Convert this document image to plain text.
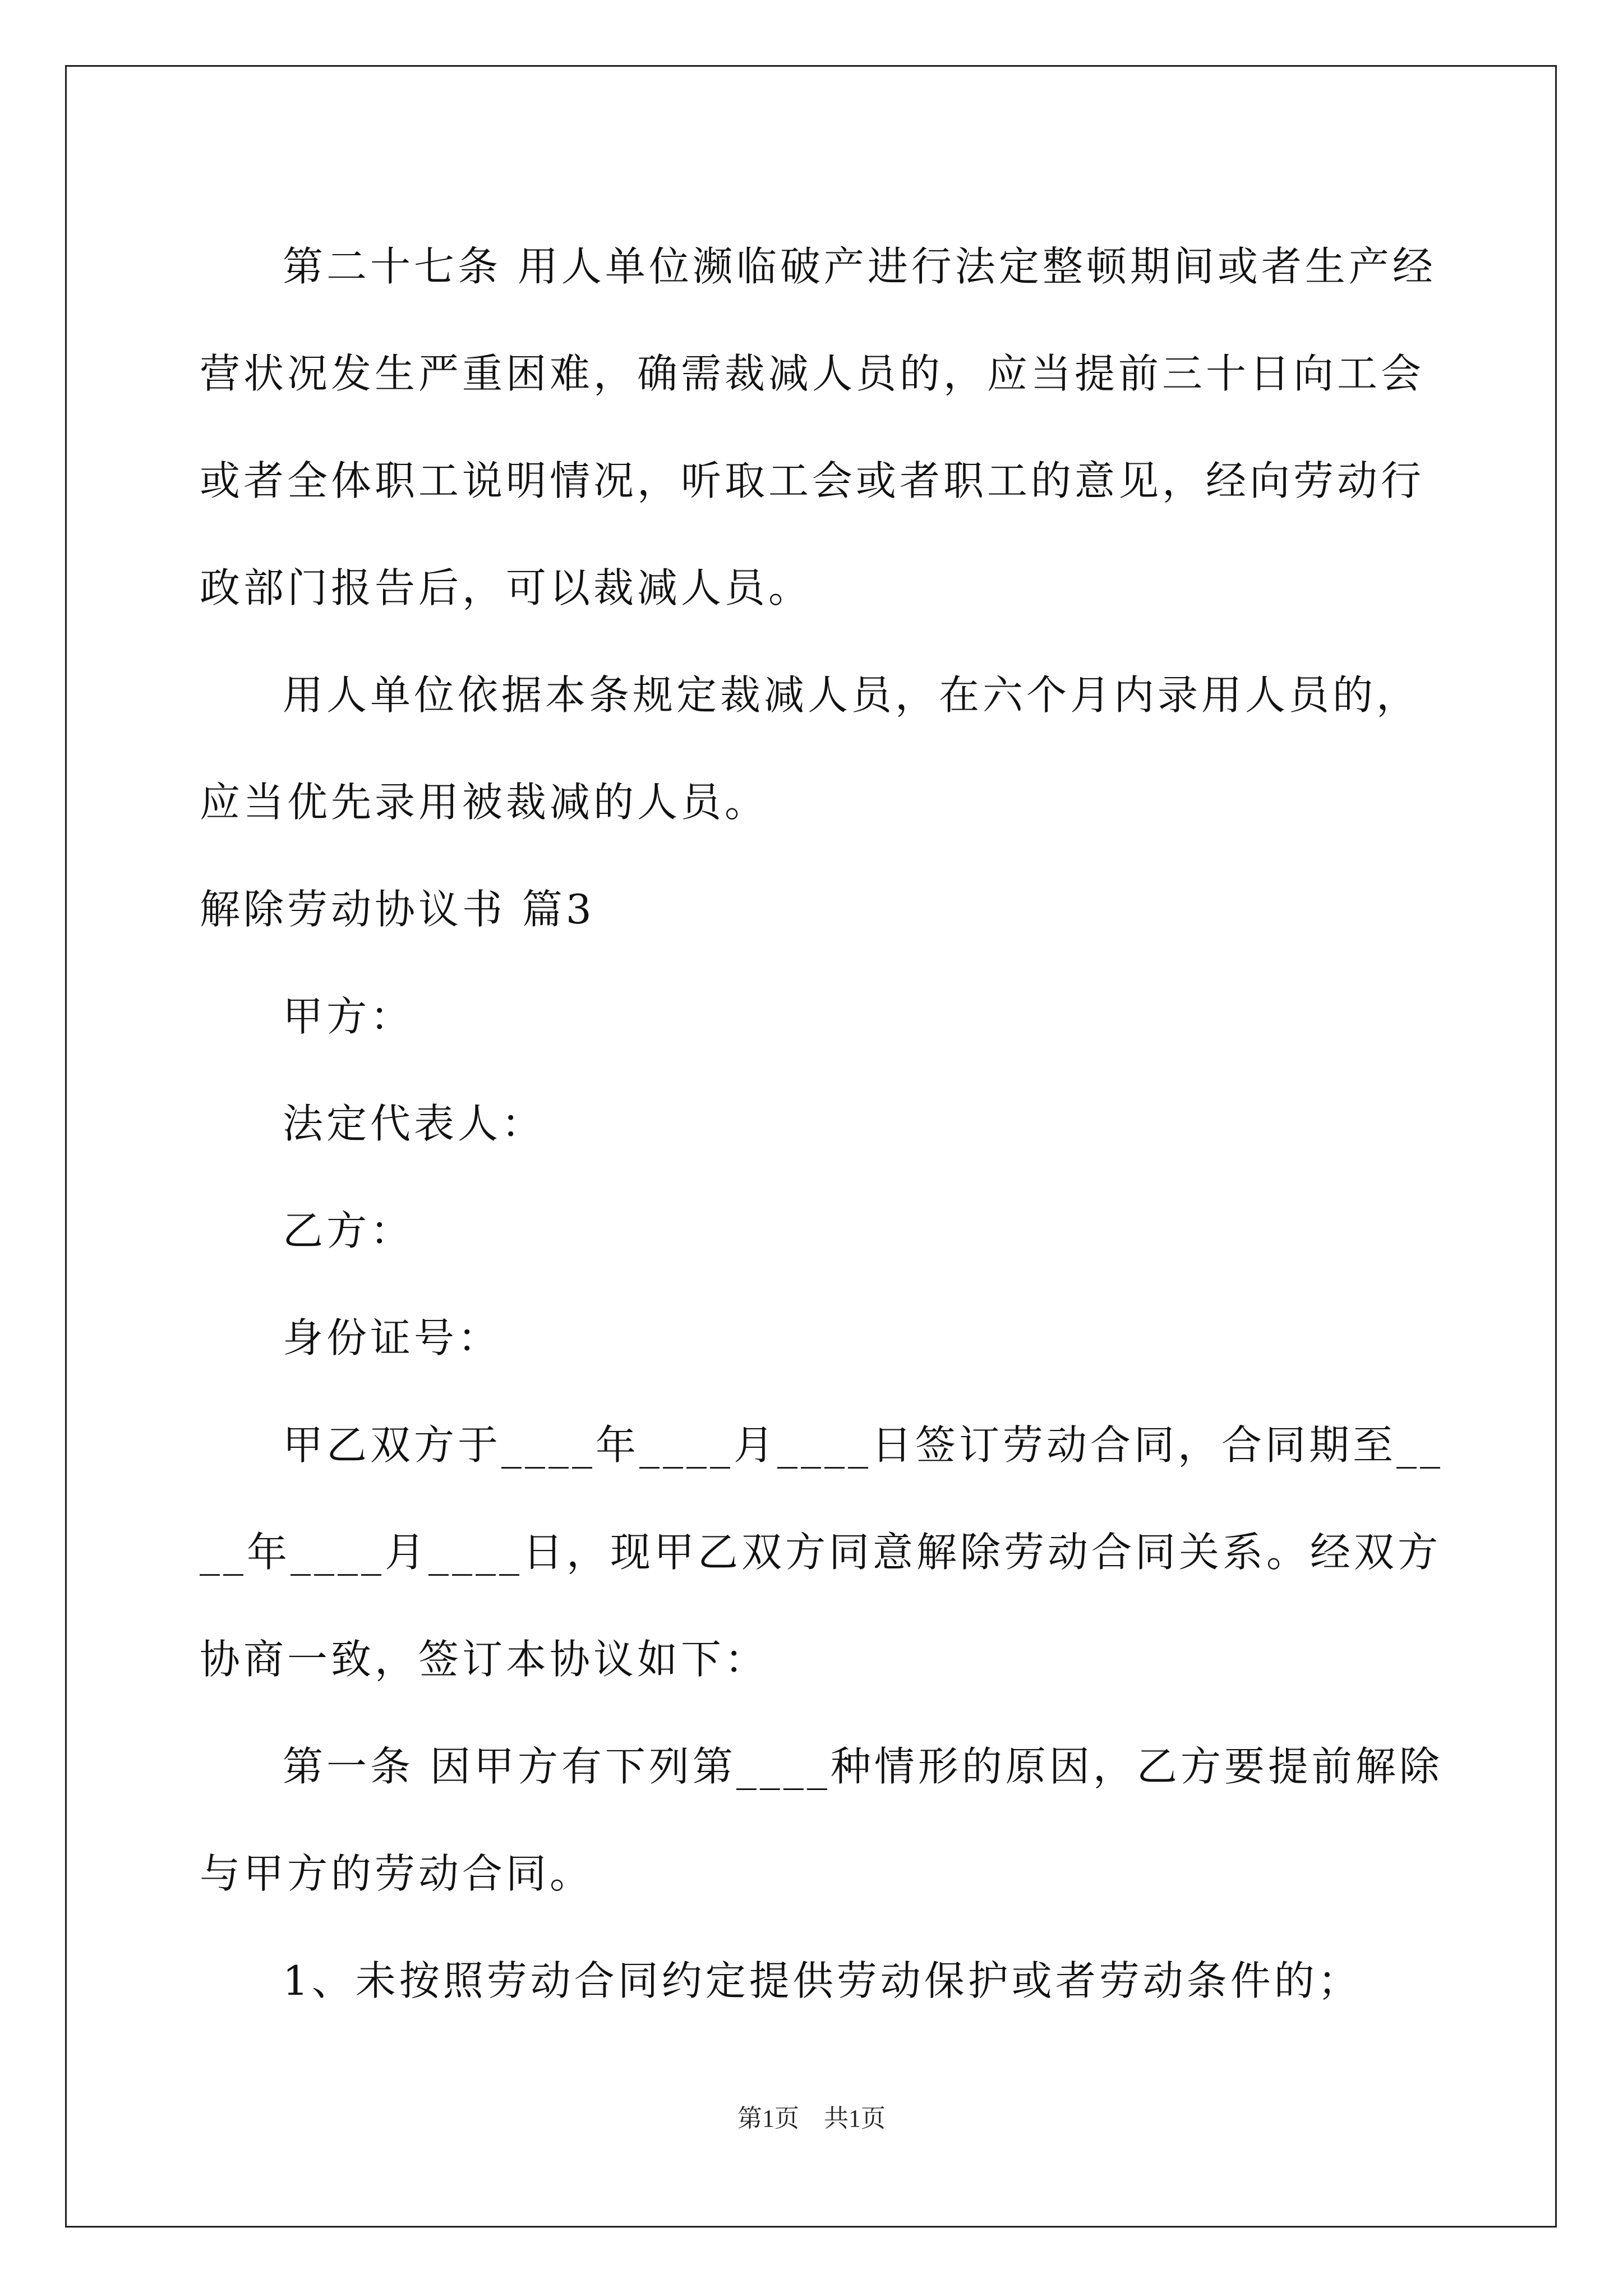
第二十七条 用人单位濒临破产进行法定整顿期间或者生产经营状况发生严重困难，确需裁减人员的，应当提前三十日向工会或者全体职工说明情况，听取工会或者职工的意见，经向劳动行政部门报告后，可以裁减人员。

用人单位依据本条规定裁减人员，在六个月内录用人员的，应当优先录用被裁减的人员。

解除劳动协议书 篇3

甲方：

法定代表人：

乙方：

身份证号：

甲乙双方于____年____月____日签订劳动合同，合同期至____年____月____日，现甲乙双方同意解除劳动合同关系。经双方协商一致，签订本协议如下：

第一条 因甲方有下列第____种情形的原因，乙方要提前解除与甲方的劳动合同。

1、未按照劳动合同约定提供劳动保护或者劳动条件的；

第1页　共1页
